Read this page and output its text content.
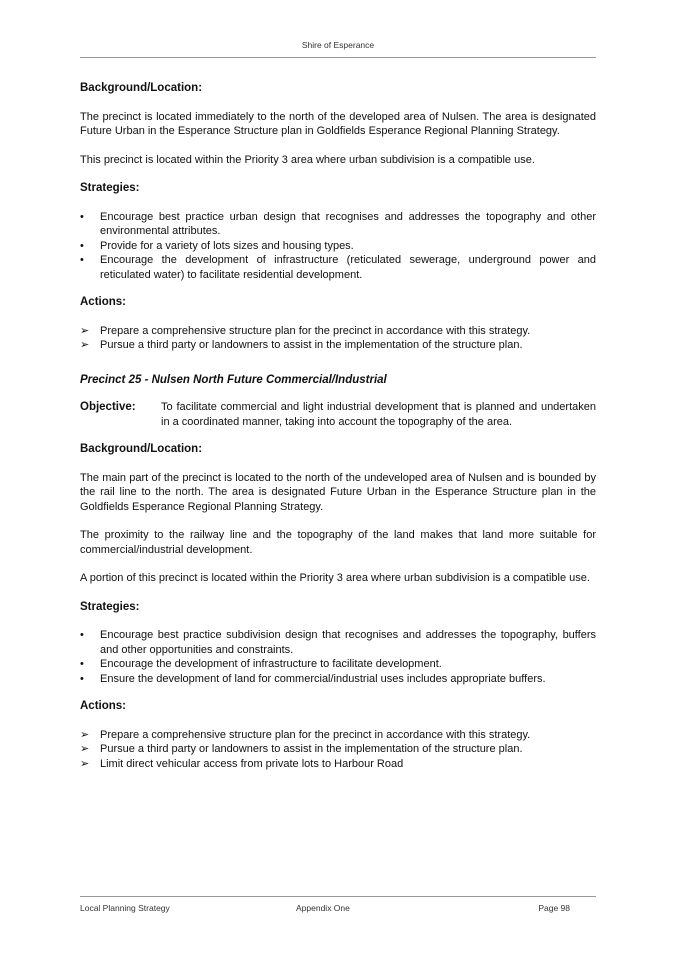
Shire of Esperance
Background/Location:

The precinct is located immediately to the north of the developed area of Nulsen. The area is designated Future Urban in the Esperance Structure plan in Goldfields Esperance Regional Planning Strategy.

This precinct is located within the Priority 3 area where urban subdivision is a compatible use.

Strategies:
• Encourage best practice urban design that recognises and addresses the topography and other environmental attributes.
• Provide for a variety of lots sizes and housing types.
• Encourage the development of infrastructure (reticulated sewerage, underground power and reticulated water) to facilitate residential development.
Actions:
➢ Prepare a comprehensive structure plan for the precinct in accordance with this strategy.
➢ Pursue a third party or landowners to assist in the implementation of the structure plan.
Precinct 25 - Nulsen North Future Commercial/Industrial
Objective:	To facilitate commercial and light industrial development that is planned and undertaken in a coordinated manner, taking into account the topography of the area.
Background/Location:

The main part of the precinct is located to the north of the undeveloped area of Nulsen and is bounded by the rail line to the north. The area is designated Future Urban in the Esperance Structure plan in the Goldfields Esperance Regional Planning Strategy.

The proximity to the railway line and the topography of the land makes that land more suitable for commercial/industrial development.

A portion of this precinct is located within the Priority 3 area where urban subdivision is a compatible use.

Strategies:
• Encourage best practice subdivision design that recognises and addresses the topography, buffers and other opportunities and constraints.
• Encourage the development of infrastructure to facilitate development.
• Ensure the development of land for commercial/industrial uses includes appropriate buffers.
Actions:
➢ Prepare a comprehensive structure plan for the precinct in accordance with this strategy.
➢ Pursue a third party or landowners to assist in the implementation of the structure plan.
➢ Limit direct vehicular access from private lots to Harbour Road
Local Planning Strategy	Appendix One	Page 98
